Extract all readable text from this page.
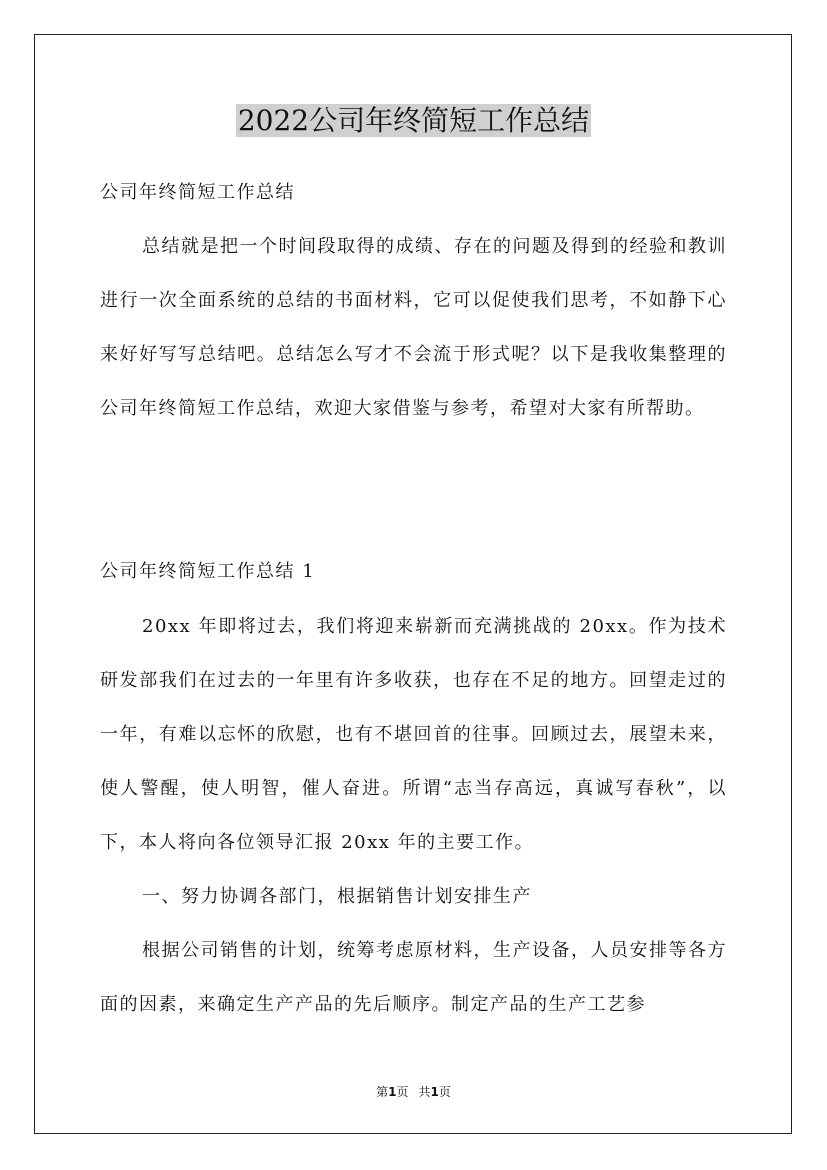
2022公司年终简短工作总结

公司年终简短工作总结

总结就是把一个时间段取得的成绩、存在的问题及得到的经验和教训进行一次全面系统的总结的书面材料，它可以促使我们思考，不如静下心来好好写写总结吧。总结怎么写才不会流于形式呢？以下是我收集整理的公司年终简短工作总结，欢迎大家借鉴与参考，希望对大家有所帮助。

公司年终简短工作总结 1

20xx 年即将过去，我们将迎来崭新而充满挑战的 20xx。作为技术研发部我们在过去的一年里有许多收获，也存在不足的地方。回望走过的一年，有难以忘怀的欣慰，也有不堪回首的往事。回顾过去，展望未来，使人警醒，使人明智，催人奋进。所谓“志当存高远，真诚写春秋”，以下，本人将向各位领导汇报 20xx 年的主要工作。

一、努力协调各部门，根据销售计划安排生产

根据公司销售的计划，统筹考虑原材料，生产设备，人员安排等各方面的因素，来确定生产产品的先后顺序。制定产品的生产工艺参

第1页 共1页
